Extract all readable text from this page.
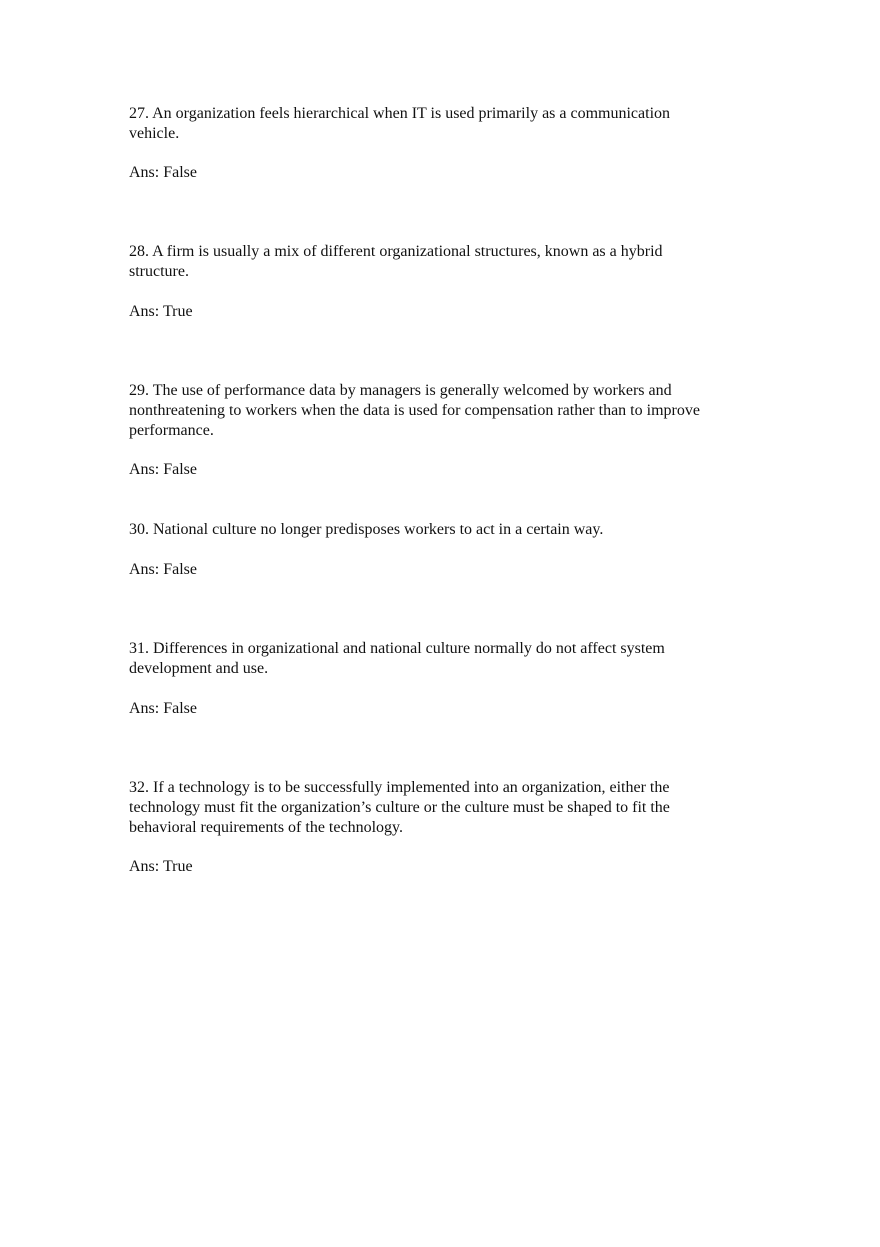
27. An organization feels hierarchical when IT is used primarily as a communication
vehicle.
Ans: False
28. A firm is usually a mix of different organizational structures, known as a hybrid
structure.
Ans: True
29. The use of performance data by managers is generally welcomed by workers and
nonthreatening to workers when the data is used for compensation rather than to improve
performance.
Ans: False
30. National culture no longer predisposes workers to act in a certain way.
Ans: False
31. Differences in organizational and national culture normally do not affect system
development and use.
Ans: False
32. If a technology is to be successfully implemented into an organization, either the
technology must fit the organization’s culture or the culture must be shaped to fit the
behavioral requirements of the technology.
Ans: True
